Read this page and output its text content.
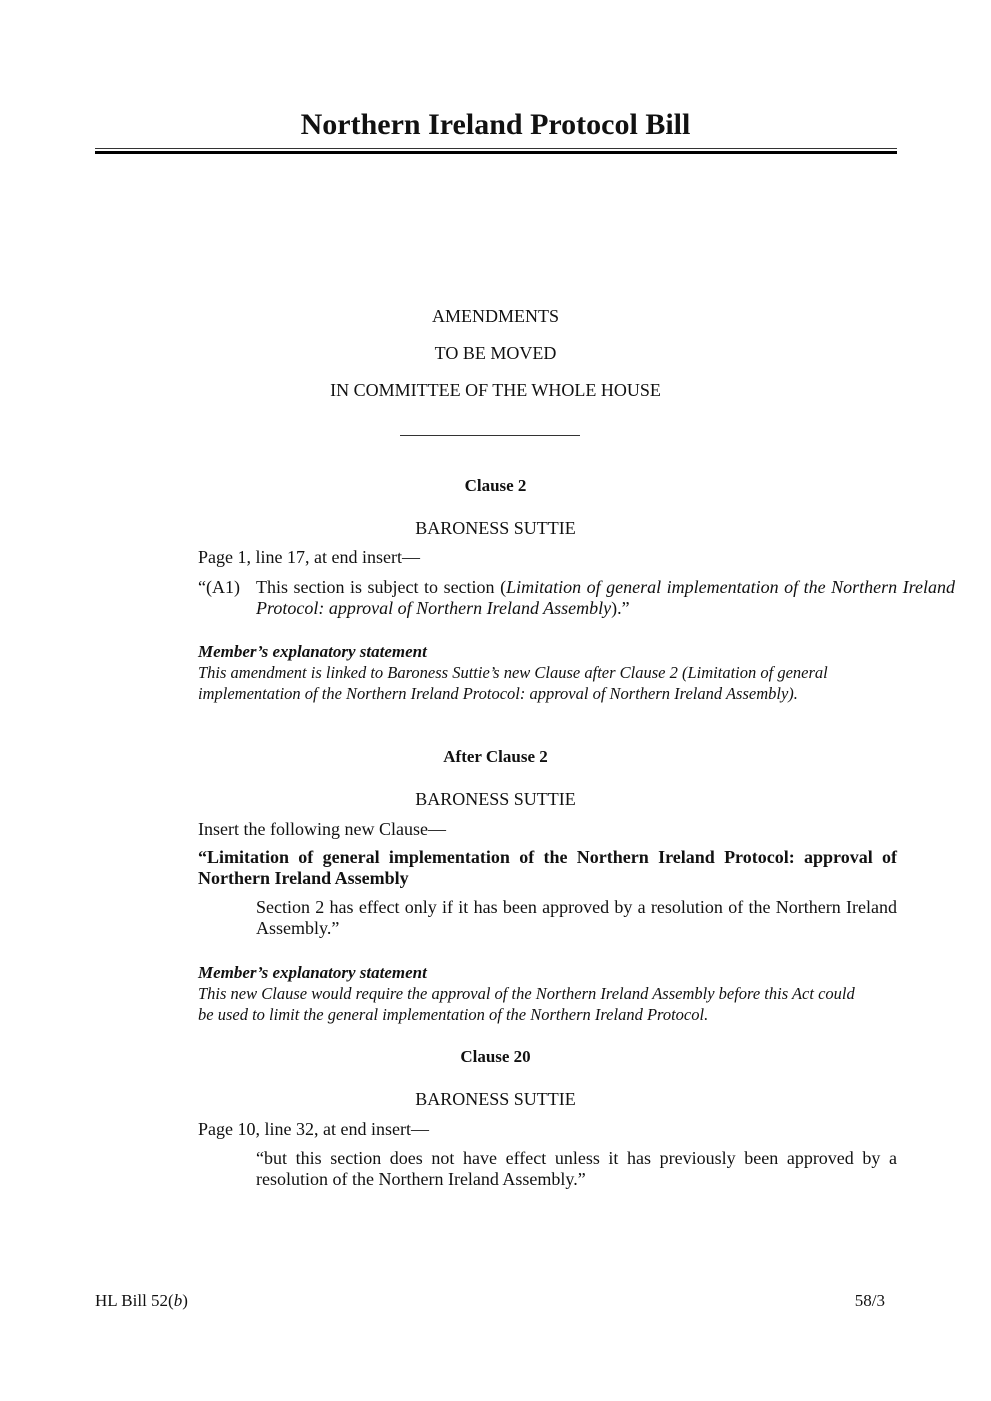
Northern Ireland Protocol Bill
AMENDMENTS
TO BE MOVED
IN COMMITTEE OF THE WHOLE HOUSE
Clause 2
BARONESS SUTTIE
Page 1, line 17, at end insert—
“(A1) This section is subject to section (Limitation of general implementation of the Northern Ireland Protocol: approval of Northern Ireland Assembly).”
Member’s explanatory statement
This amendment is linked to Baroness Suttie’s new Clause after Clause 2 (Limitation of general implementation of the Northern Ireland Protocol: approval of Northern Ireland Assembly).
After Clause 2
BARONESS SUTTIE
Insert the following new Clause—
“Limitation of general implementation of the Northern Ireland Protocol: approval of Northern Ireland Assembly
Section 2 has effect only if it has been approved by a resolution of the Northern Ireland Assembly.”
Member’s explanatory statement
This new Clause would require the approval of the Northern Ireland Assembly before this Act could be used to limit the general implementation of the Northern Ireland Protocol.
Clause 20
BARONESS SUTTIE
Page 10, line 32, at end insert—
“but this section does not have effect unless it has previously been approved by a resolution of the Northern Ireland Assembly.”
HL Bill 52(b)	58/3
